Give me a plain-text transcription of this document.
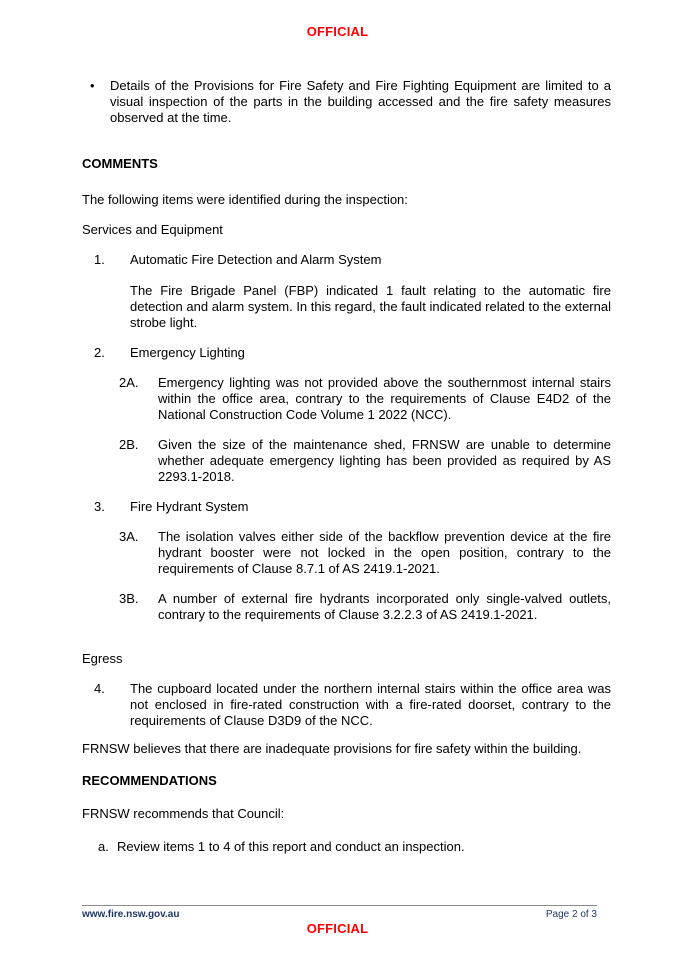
OFFICIAL
•	Details of the Provisions for Fire Safety and Fire Fighting Equipment are limited to a visual inspection of the parts in the building accessed and the fire safety measures observed at the time.
COMMENTS
The following items were identified during the inspection:
Services and Equipment
1.	Automatic Fire Detection and Alarm System
The Fire Brigade Panel (FBP) indicated 1 fault relating to the automatic fire detection and alarm system. In this regard, the fault indicated related to the external strobe light.
2.	Emergency Lighting
2A.	Emergency lighting was not provided above the southernmost internal stairs within the office area, contrary to the requirements of Clause E4D2 of the National Construction Code Volume 1 2022 (NCC).
2B.	Given the size of the maintenance shed, FRNSW are unable to determine whether adequate emergency lighting has been provided as required by AS 2293.1-2018.
3.	Fire Hydrant System
3A.	The isolation valves either side of the backflow prevention device at the fire hydrant booster were not locked in the open position, contrary to the requirements of Clause 8.7.1 of AS 2419.1-2021.
3B.	A number of external fire hydrants incorporated only single-valved outlets, contrary to the requirements of Clause 3.2.2.3 of AS 2419.1-2021.
Egress
4.	The cupboard located under the northern internal stairs within the office area was not enclosed in fire-rated construction with a fire-rated doorset, contrary to the requirements of Clause D3D9 of the NCC.
FRNSW believes that there are inadequate provisions for fire safety within the building.
RECOMMENDATIONS
FRNSW recommends that Council:
a. Review items 1 to 4 of this report and conduct an inspection.
www.fire.nsw.gov.au	Page 2 of 3
OFFICIAL
